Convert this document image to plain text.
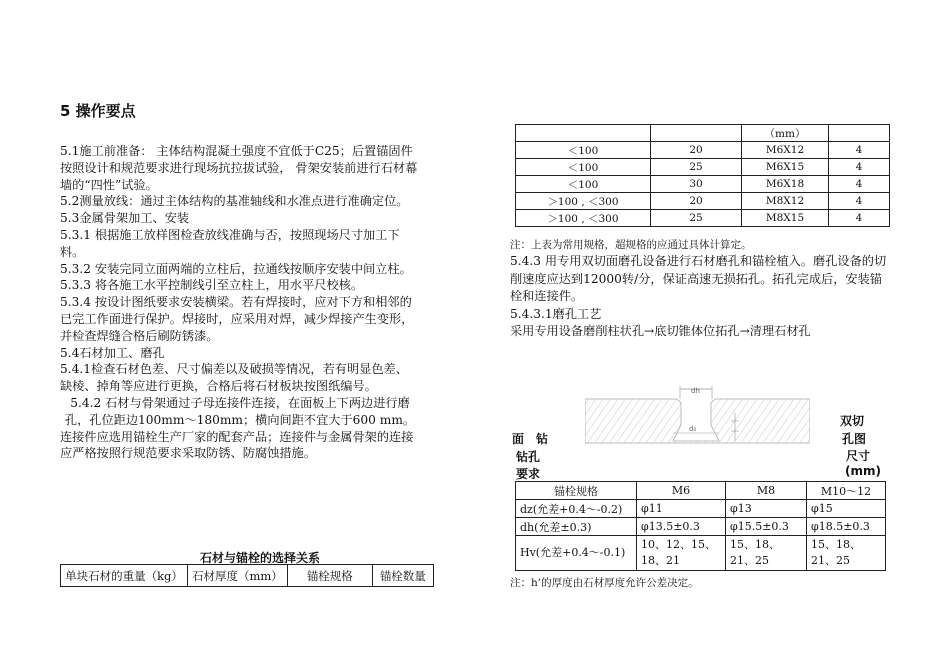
5 操作要点

5.1施工前准备： 主体结构混凝土强度不宜低于C25；后置锚固件按照设计和规范要求进行现场抗拉拔试验， 骨架安装前进行石材幕墙的“四性”试验。

5.2测量放线：通过主体结构的基准轴线和水准点进行准确定位。

5.3金属骨架加工、安装

5.3.1 根据施工放样图检查放线准确与否，按照现场尺寸加工下料。

5.3.2 安装完同立面两端的立柱后，拉通线按顺序安装中间立柱。

5.3.3 将各施工水平控制线引至立柱上，用水平尺校核。

5.3.4 按设计图纸要求安装横梁。若有焊接时，应对下方和相邻的已完工作面进行保护。焊接时，应采用对焊，减少焊接产生变形，并检查焊缝合格后刷防锈漆。

5.4石材加工、磨孔

5.4.1检查石材色差、尺寸偏差以及破损等情况，若有明显色差、缺棱、掉角等应进行更换，合格后将石材板块按图纸编号。

5.4.2 石材与骨架通过子母连接件连接，在面板上下两边进行磨孔，孔位距边100mm～180mm；横向间距不宜大于600 mm。

连接件应选用锚栓生产厂家的配套产品；连接件与金属骨架的连接应严格按照行规范要求采取防锈、防腐蚀措施。

石材与锚栓的选择关系
单块石材的重量（kg）	石材厚度（mm）	锚栓规格	锚栓数量
		（mm）	
＜100	20	M6X12	4
＜100	25	M6X15	4
＜100	30	M6X18	4
＞100 , ＜300	20	M8X12	4
＞100 , ＜300	25	M8X15	4
注：上表为常用规格，超规格的应通过具体计算定。

5.4.3 用专用双切面磨孔设备进行石材磨孔和锚栓植入。磨孔设备的切削速度应达到12000转/分，保证高速无损拓孔。拓孔完成后，安装锚栓和连接件。

5.4.3.1磨孔工艺

采用专用设备磨削柱状孔→底切锥体位拓孔→清理石材孔

dh
d₀
面　钻
钻孔
要求
双切
孔图
尺寸
(mm)
锚栓规格	M6	M8	M10～12
dz(允差+0.4～-0.2)	φ11	φ13	φ15
dh(允差±0.3)	φ13.5±0.3	φ15.5±0.3	φ18.5±0.3
Hv(允差+0.4～-0.1)	10、12、15、18、21	15、18、21、25	15、18、21、25
注：h’的厚度由石材厚度允许公差决定。
